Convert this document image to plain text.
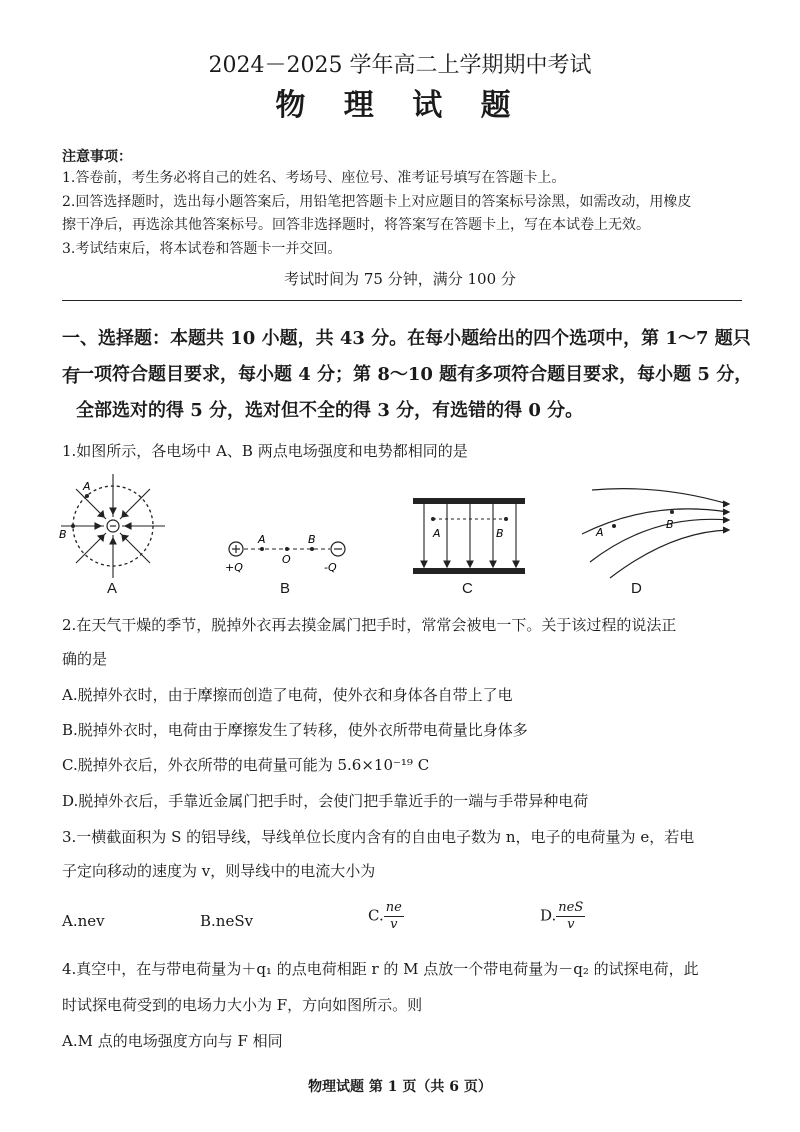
2024－2025 学年高二上学期期中考试
物 理 试 题
注意事项：
1.答卷前，考生务必将自己的姓名、考场号、座位号、准考证号填写在答题卡上。
2.回答选择题时，选出每小题答案后，用铅笔把答题卡上对应题目的答案标号涂黑，如需改动，用橡皮
擦干净后，再选涂其他答案标号。回答非选择题时，将答案写在答题卡上，写在本试卷上无效。
3.考试结束后，将本试卷和答题卡一并交回。
考试时间为 75 分钟，满分 100 分
一、选择题：本题共 10 小题，共 43 分。在每小题给出的四个选项中，第 1～7 题只有
一项符合题目要求，每小题 4 分；第 8～10 题有多项符合题目要求，每小题 5 分，
全部选对的得 5 分，选对但不全的得 3 分，有选错的得 0 分。
1.如图所示，各电场中 A、B 两点电场强度和电势都相同的是
A
B	A
O
B
+Q	-Q
A	B	A
B
A	B	C	D
2.在天气干燥的季节，脱掉外衣再去摸金属门把手时，常常会被电一下。关于该过程的说法正
确的是
A.脱掉外衣时，由于摩擦而创造了电荷，使外衣和身体各自带上了电
B.脱掉外衣时，电荷由于摩擦发生了转移，使外衣所带电荷量比身体多
C.脱掉外衣后，外衣所带的电荷量可能为 5.6×10⁻¹⁹ C
D.脱掉外衣后，手靠近金属门把手时，会使门把手靠近手的一端与手带异种电荷
3.一横截面积为 S 的铝导线，导线单位长度内含有的自由电子数为 n，电子的电荷量为 e，若电
子定向移动的速度为 v，则导线中的电流大小为
A.nev	B.neSv	C. $\frac{ne}{v}$	D. $\frac{\text{neS}}{v}$
4.真空中，在与带电荷量为＋q₁ 的点电荷相距 r 的 M 点放一个带电荷量为－q₂ 的试探电荷，此
时试探电荷受到的电场力大小为 F，方向如图所示。则
A.M 点的电场强度方向与 F 相同
物理试题 第 1 页（共 6 页）
